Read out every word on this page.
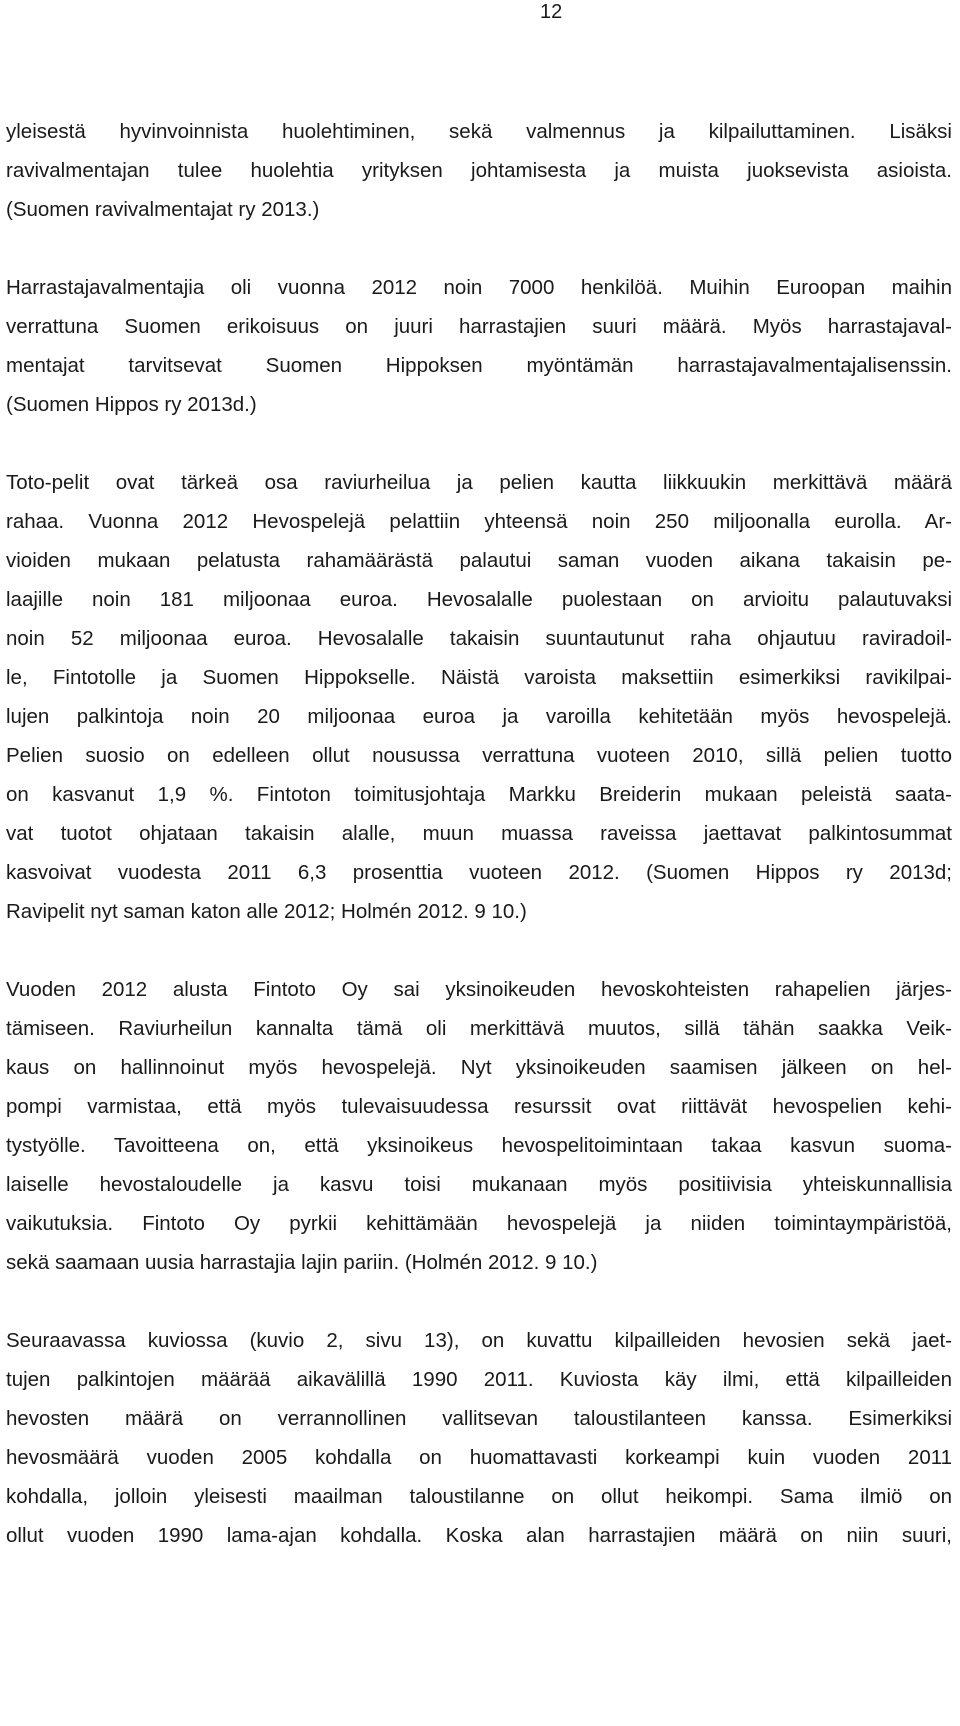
12
yleisestä hyvinvoinnista huolehtiminen, sekä valmennus ja kilpailuttaminen. Lisäksi
ravivalmentajan tulee huolehtia yrityksen johtamisesta ja muista juoksevista asioista.
(Suomen ravivalmentajat ry 2013.)
Harrastajavalmentajia oli vuonna 2012 noin 7000 henkilöä. Muihin Euroopan maihin
verrattuna Suomen erikoisuus on juuri harrastajien suuri määrä. Myös harrastajaval-
mentajat tarvitsevat Suomen Hippoksen myöntämän harrastajavalmentajalisenssin.
(Suomen Hippos ry 2013d.)
Toto-pelit ovat tärkeä osa raviurheilua ja pelien kautta liikkuukin merkittävä määrä
rahaa. Vuonna 2012 Hevospelejä pelattiin yhteensä noin 250 miljoonalla eurolla. Ar-
vioiden mukaan pelatusta rahamäärästä palautui saman vuoden aikana takaisin pe-
laajille noin 181 miljoonaa euroa. Hevosalalle puolestaan on arvioitu palautuvaksi
noin 52 miljoonaa euroa. Hevosalalle takaisin suuntautunut raha ohjautuu raviradoil-
le, Fintotolle ja Suomen Hippokselle. Näistä varoista maksettiin esimerkiksi ravikilpai-
lujen palkintoja noin 20 miljoonaa euroa ja varoilla kehitetään myös hevospelejä.
Pelien suosio on edelleen ollut nousussa verrattuna vuoteen 2010, sillä pelien tuotto
on kasvanut 1,9 %. Fintoton toimitusjohtaja Markku Breiderin mukaan peleistä saata-
vat tuotot ohjataan takaisin alalle, muun muassa raveissa jaettavat palkintosummat
kasvoivat vuodesta 2011 6,3 prosenttia vuoteen 2012. (Suomen Hippos ry 2013d;
Ravipelit nyt saman katon alle 2012; Holmén 2012. 9 10.)
Vuoden 2012 alusta Fintoto Oy sai yksinoikeuden hevoskohteisten rahapelien järjes-
tämiseen. Raviurheilun kannalta tämä oli merkittävä muutos, sillä tähän saakka Veik-
kaus on hallinnoinut myös hevospelejä. Nyt yksinoikeuden saamisen jälkeen on hel-
pompi varmistaa, että myös tulevaisuudessa resurssit ovat riittävät hevospelien kehi-
tystyölle. Tavoitteena on, että yksinoikeus hevospelitoimintaan takaa kasvun suoma-
laiselle hevostaloudelle ja kasvu toisi mukanaan myös positiivisia yhteiskunnallisia
vaikutuksia. Fintoto Oy pyrkii kehittämään hevospelejä ja niiden toimintaympäristöä,
sekä saamaan uusia harrastajia lajin pariin. (Holmén 2012. 9 10.)
Seuraavassa kuviossa (kuvio 2, sivu 13), on kuvattu kilpailleiden hevosien sekä jaet-
tujen palkintojen määrää aikavälillä 1990 2011. Kuviosta käy ilmi, että kilpailleiden
hevosten määrä on verrannollinen vallitsevan taloustilanteen kanssa. Esimerkiksi
hevosmäärä vuoden 2005 kohdalla on huomattavasti korkeampi kuin vuoden 2011
kohdalla, jolloin yleisesti maailman taloustilanne on ollut heikompi. Sama ilmiö on
ollut vuoden 1990 lama-ajan kohdalla. Koska alan harrastajien määrä on niin suuri,
